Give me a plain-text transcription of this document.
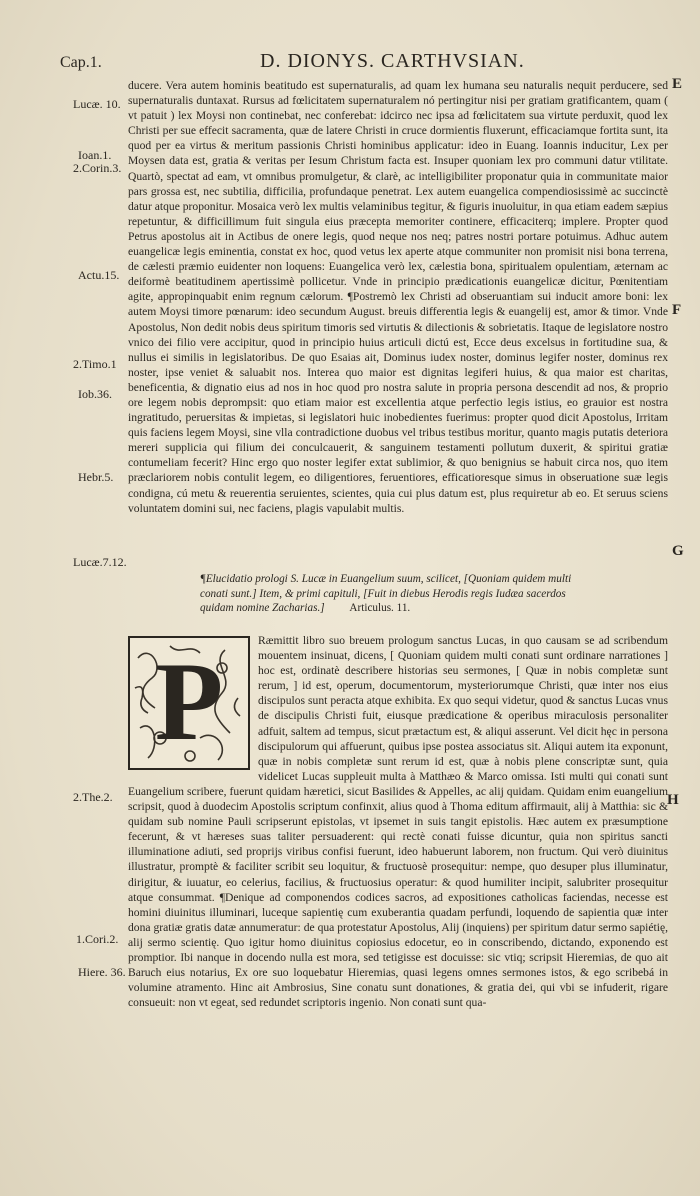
Cap.1.	D. DIONYS. CARTHVSIAN.
E
F
G
H
Lucæ. 10.
Ioan.1.
2.Corin.3.
Actu.15.
2.Timo.1
Iob.36.
Hebr.5.
Lucæ.7.12.
2.The.2.
1.Cori.2.
Hiere. 36.

ducere. Vera autem hominis beatitudo est supernaturalis, ad quam lex humana seu naturalis nequit perducere, sed supernaturalis duntaxat. Rursus ad fœlicitatem supernaturalem nó pertingitur nisi per gratiam gratificantem, quam ( vt patuit ) lex Moysi non continebat, nec conferebat: idcirco nec ipsa ad fœlicitatem sua virtute perduxit, quod lex Christi per sue effecit sacramenta, quæ de latere Christi in cruce dormientis fluxerunt, efficaciamque fortita sunt, ita quod per ea virtus & meritum passionis Christi hominibus applicatur: ideo in Euang. Ioannis inducitur, Lex per Moysen data est, gratia & veritas per Iesum Christum facta est. Insuper quoniam lex pro communi datur vtilitate. Quartò, spectat ad eam, vt omnibus promulgetur, & clarè, ac intelligibiliter proponatur quia in communitate maior pars grossa est, nec subtilia, difficilia, profundaque penetrat. Lex autem euangelica compendiosissimè ac succinctè datur atque proponitur. Mosaica verò lex multis velaminibus tegitur, & figuris inuoluitur, in qua etiam eadem sæpius repetuntur, & difficillimum fuit singula eius præcepta memoriter continere, efficaciterq; implere. Propter quod Petrus apostolus ait in Actibus de onere legis, quod neque nos neq; patres nostri portare potuimus. Adhuc autem euangelicæ legis eminentia, constat ex hoc, quod vetus lex aperte atque communiter non promisit nisi bona terrena, de cælesti præmio euidenter non loquens: Euangelica verò lex, cælestia bona, spiritualem opulentiam, æternam ac deiformè beatitudinem apertissimè pollicetur. Vnde in principio prædicationis euangelicæ dicitur, Pœnitentiam agite, appropinquabit enim regnum cælorum. ¶Postremò lex Christi ad obseruantiam sui inducit amore boni: lex autem Moysi timore pœnarum: ideo secundum August. breuis differentia legis & euangelij est, amor & timor. Vnde Apostolus, Non dedit nobis deus spiritum timoris sed virtutis & dilectionis & sobrietatis. Itaque de legislatore nostro vnico dei filio vere accipitur, quod in principio huius articuli dictú est, Ecce deus excelsus in fortitudine sua, & nullus ei similis in legislatoribus. De quo Esaias ait, Dominus iudex noster, dominus legifer noster, dominus rex noster, ipse veniet & saluabit nos. Interea quo maior est dignitas legiferi huius, & qua maior est charitas, beneficentia, & dignatio eius ad nos in hoc quod pro nostra salute in propria persona descendit ad nos, & proprio ore legem nobis deprompsit: quo etiam maior est excellentia atque perfectio legis istius, eo grauior est nostra ingratitudo, peruersitas & impietas, si legislatori huic inobedientes fuerimus: propter quod dicit Apostolus, Irritam quis faciens legem Moysi, sine vlla contradictione duobus vel tribus testibus moritur, quanto magis putatis deteriora mereri supplicia qui filium dei conculcauerit, & sanguinem testamenti pollutum duxerit, & spiritui gratiæ contumeliam fecerit? Hinc ergo quo noster legifer extat sublimior, & quo benignius se habuit circa nos, quo item præclariorem nobis contulit legem, eo diligentiores, feruentiores, efficatioresque simus in obseruatione suæ legis condigna, cú metu & reuerentia seruientes, scientes, quia cui plus datum est, plus requiretur ab eo. Et seruus sciens voluntatem domini sui, nec faciens, plagis vapulabit multis.

¶Elucidatio prologi S. Lucæ in Euangelium suum, scilicet, [Quoniam quidem multi conati sunt.] Item, & primi capituli, [Fuit in diebus Herodis regis Iudæa sacerdos quidam nomine Zacharias.] Articulus. 11.
P	Ræmittit libro suo breuem prologum sanctus Lucas, in quo causam se ad scribendum mouentem insinuat, dicens, [ Quoniam quidem multi conati sunt ordinare narrationes ] hoc est, ordinatè describere historias seu sermones, [ Quæ in nobis completæ sunt rerum, ] id est, operum, documentorum, mysteriorumque Christi, quæ inter nos eius discipulos sunt peracta atque exhibita. Ex quo sequi videtur, quod & sanctus Lucas vnus de discipulis Christi fuit, eiusque prædicatione & operibus miraculosis personaliter adfuit, saltem ad tempus, sicut prætactum est, & aliqui asserunt. Vel dicit hęc in persona discipulorum qui affuerunt, quibus ipse postea associatus sit. Aliqui autem ita exponunt, quæ in nobis completæ sunt rerum id est, quæ à nobis plene conscriptæ sunt, quia videlicet Lucas suppleuit multa à Matthæo & Marco omissa. Isti multi qui conati sunt Euangelium scribere, fuerunt quidam hæretici, sicut Basilides & Appelles, ac alij quidam. Quidam enim euangelium scripsit, quod à duodecim Apostolis scriptum confinxit, alius quod à Thoma editum affirmauit, alij à Matthia: sic & quidam sub nomine Pauli scripserunt epistolas, vt ipsemet in suis tangit epistolis. Hæc autem ex præsumptione fecerunt, & vt hæreses suas taliter persuaderent: qui rectè conati fuisse dicuntur, quia non spiritus sancti illuminatione adiuti, sed proprijs viribus confisi fuerunt, ideo habuerunt laborem, non fructum. Qui verò diuinitus illustratur, promptè & faciliter scribit seu loquitur, & fructuosè prosequitur: nempe, quo desuper plus illuminatur, dirigitur, & iuuatur, eo celerius, facilius, & fructuosius operatur: & quod humiliter incipit, salubriter prosequitur atque consummat. ¶Denique ad componendos codices sacros, ad expositiones catholicas faciendas, necesse est homini diuinitus illuminari, luceque sapientię cum exuberantia quadam perfundi, loquendo de sapientia quæ inter dona gratiæ gratis datæ annumeratur: de qua protestatur Apostolus, Alij (inquiens) per spiritum datur sermo sapiétię, alij sermo scientię. Quo igitur homo diuinitus copiosius edocetur, eo in conscribendo, dictando, exponendo est promptior. Ibi nanque in docendo nulla est mora, sed tetigisse est docuisse: sic vtiq; scripsit Hieremias, de quo ait Baruch eius notarius, Ex ore suo loquebatur Hieremias, quasi legens omnes sermones istos, & ego scribebá in volumine atramento. Hinc ait Ambrosius, Sine conatu sunt donationes, & gratia dei, qui vbi se infuderit, rigare consueuit: non vt egeat, sed redundet scriptoris ingenio. Non conati sunt qua-
